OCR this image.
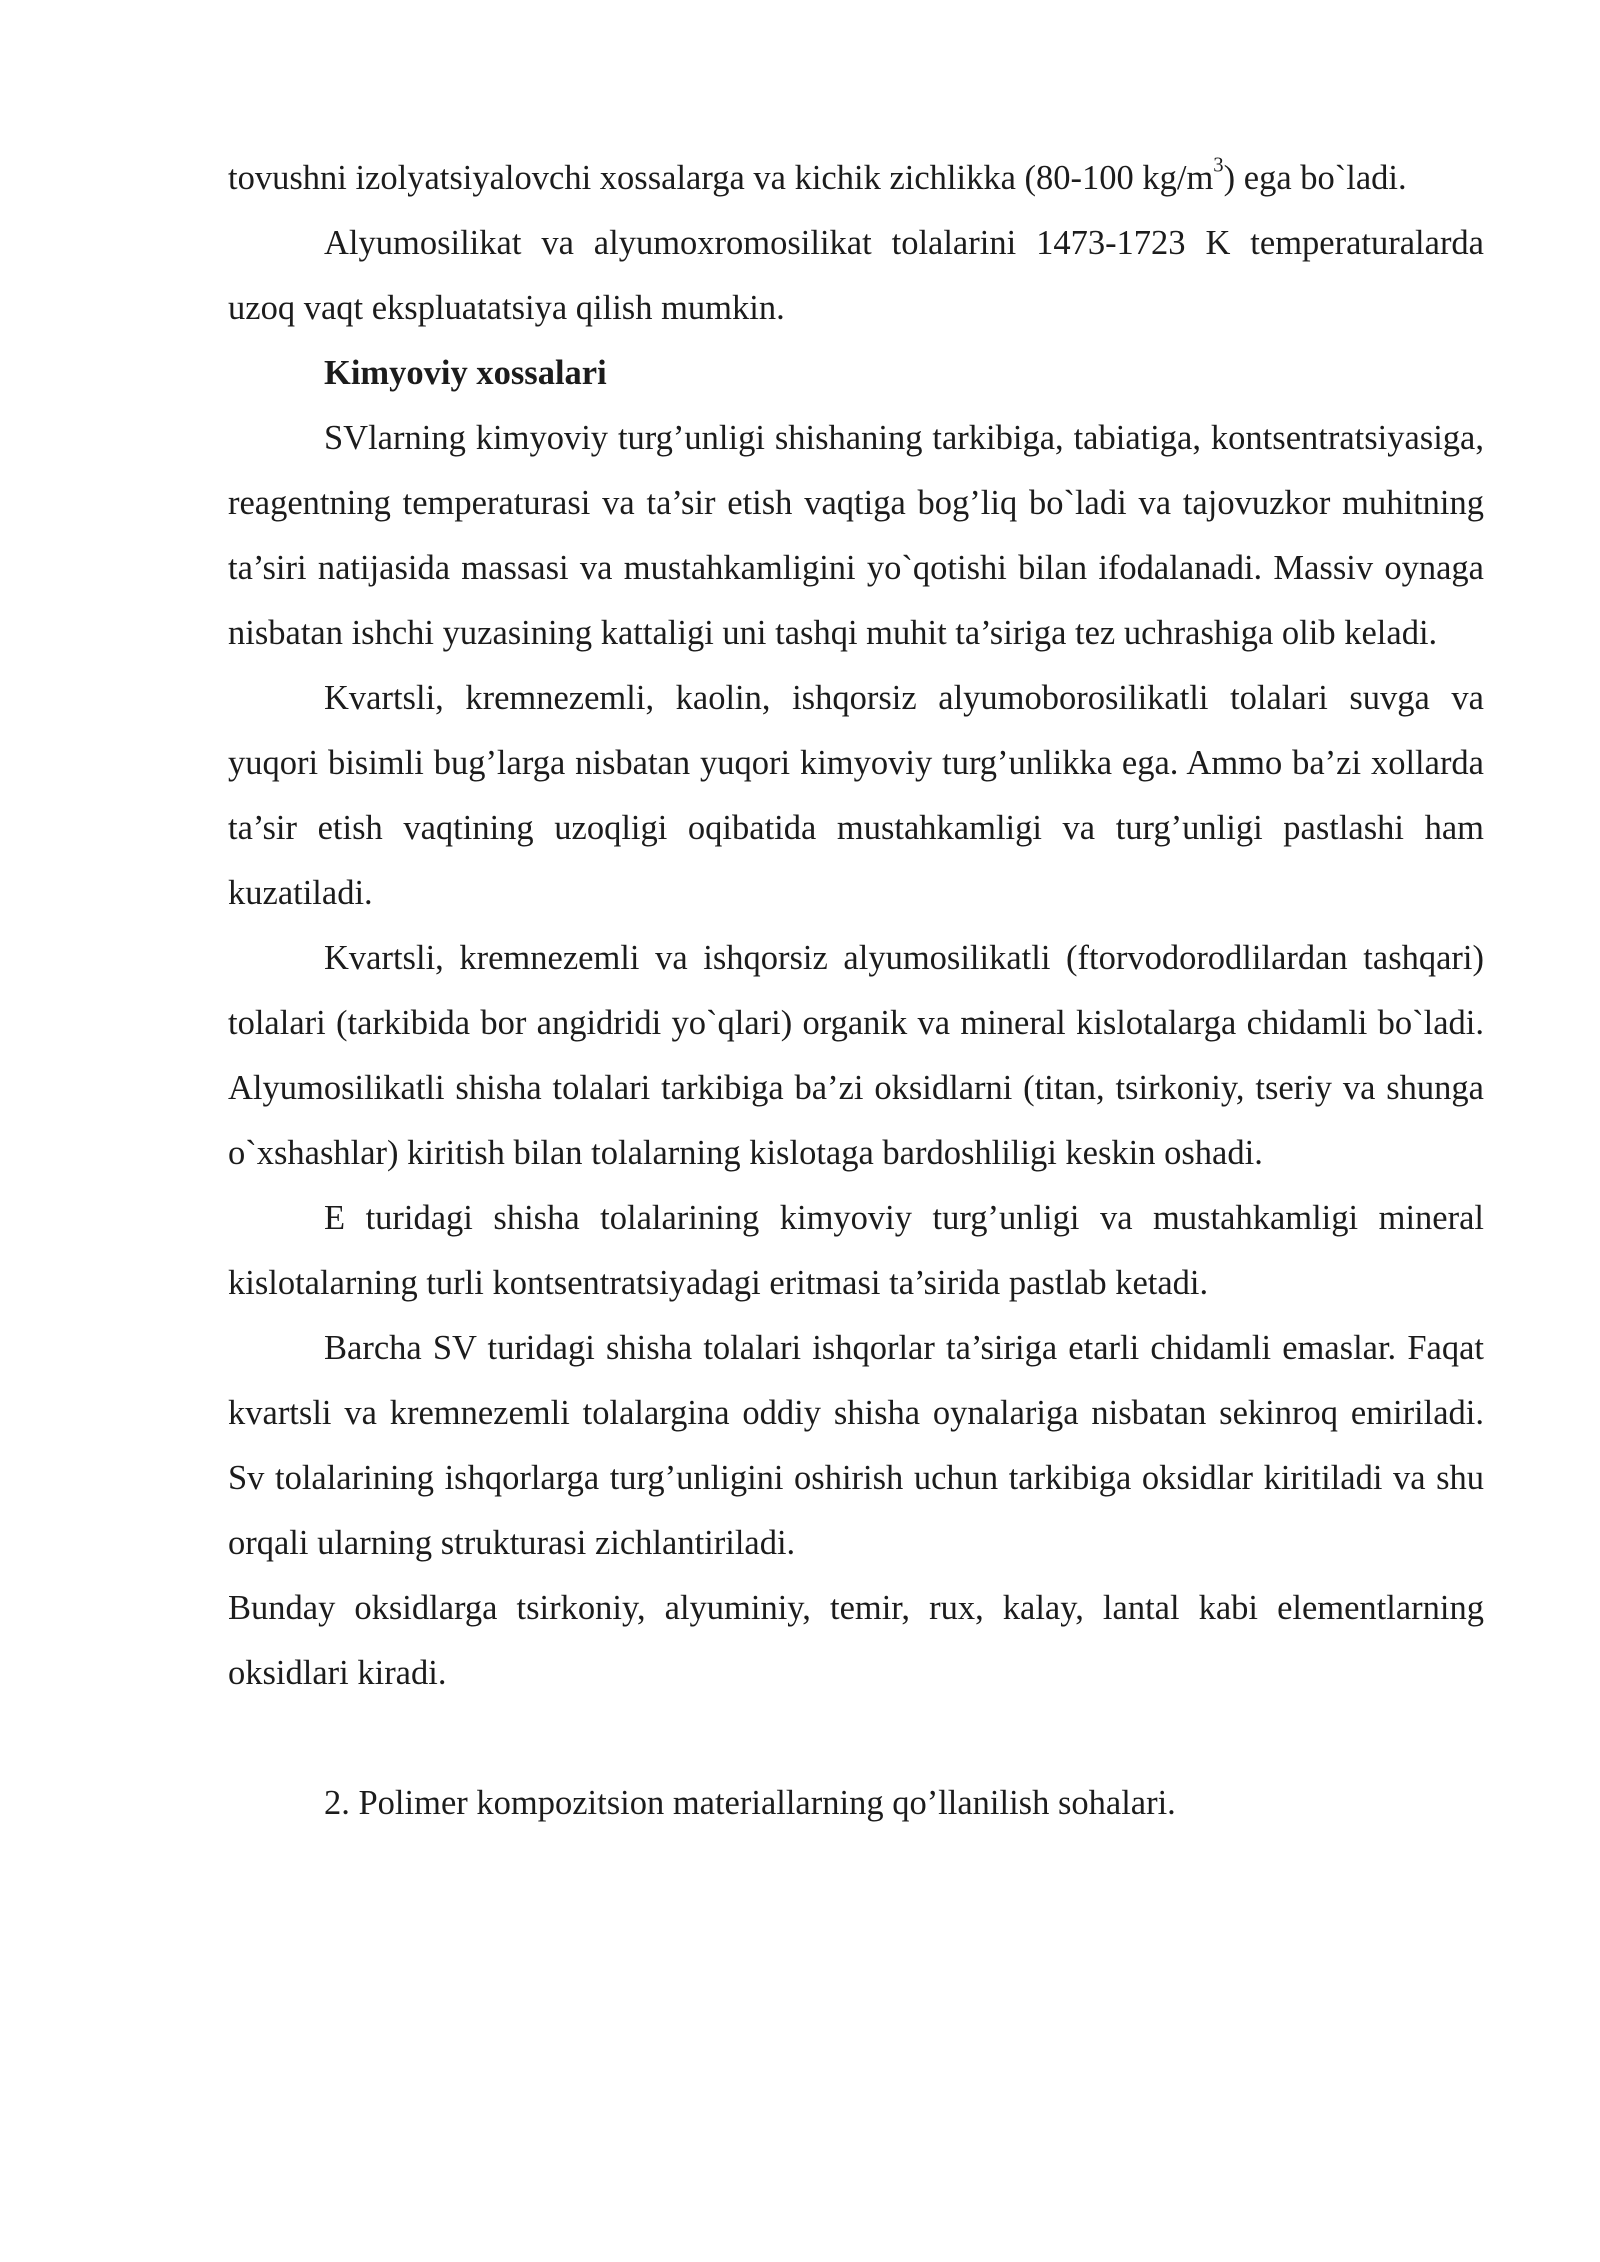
tovushni izolyatsiyalovchi xossalarga va kichik zichlikka (80-100 $kg/m^3$) ega bo`ladi.

Alyumosilikat va alyumoxromosilikat tolalarini 1473-1723 K temperaturalarda uzoq vaqt ekspluatatsiya qilish mumkin.

Kimyoviy xossalari

SVlarning kimyoviy turg’unligi shishaning tarkibiga, tabiatiga, kontsentratsiyasiga, reagentning temperaturasi va ta’sir etish vaqtiga bog’liq bo`ladi va tajovuzkor muhitning ta’siri natijasida massasi va mustahkamligini yo`qotishi bilan ifodalanadi. Massiv oynaga nisbatan ishchi yuzasining kattaligi uni tashqi muhit ta’siriga tez uchrashiga olib keladi.

Kvartsli, kremnezemli, kaolin, ishqorsiz alyumoborosilikatli tolalari suvga va yuqori bisimli bug’larga nisbatan yuqori kimyoviy turg’unlikka ega. Ammo ba’zi xollarda ta’sir etish vaqtining uzoqligi oqibatida mustahkamligi va turg’unligi pastlashi ham kuzatiladi.

Kvartsli, kremnezemli va ishqorsiz alyumosilikatli (ftorvodorodlilardan tashqari) tolalari (tarkibida bor angidridi yo`qlari) organik va mineral kislotalarga chidamli bo`ladi. Alyumosilikatli shisha tolalari tarkibiga ba’zi oksidlarni (titan, tsirkoniy, tseriy va shunga o`xshashlar) kiritish bilan tolalarning kislotaga bardoshliligi keskin oshadi.

E turidagi shisha tolalarining kimyoviy turg’unligi va mustahkamligi mineral kislotalarning turli kontsentratsiyadagi eritmasi ta’sirida pastlab ketadi.

Barcha SV turidagi shisha tolalari ishqorlar ta’siriga etarli chidamli emaslar. Faqat kvartsli va kremnezemli tolalargina oddiy shisha oynalariga nisbatan sekinroq emiriladi. Sv tolalarining ishqorlarga turg’unligini oshirish uchun tarkibiga oksidlar kiritiladi va shu orqali ularning strukturasi zichlantiriladi.

Bunday oksidlarga tsirkoniy, alyuminiy, temir, rux, kalay, lantal kabi elementlarning oksidlari kiradi.

2. Polimer kompozitsion materiallarning qo’llanilish sohalari.
